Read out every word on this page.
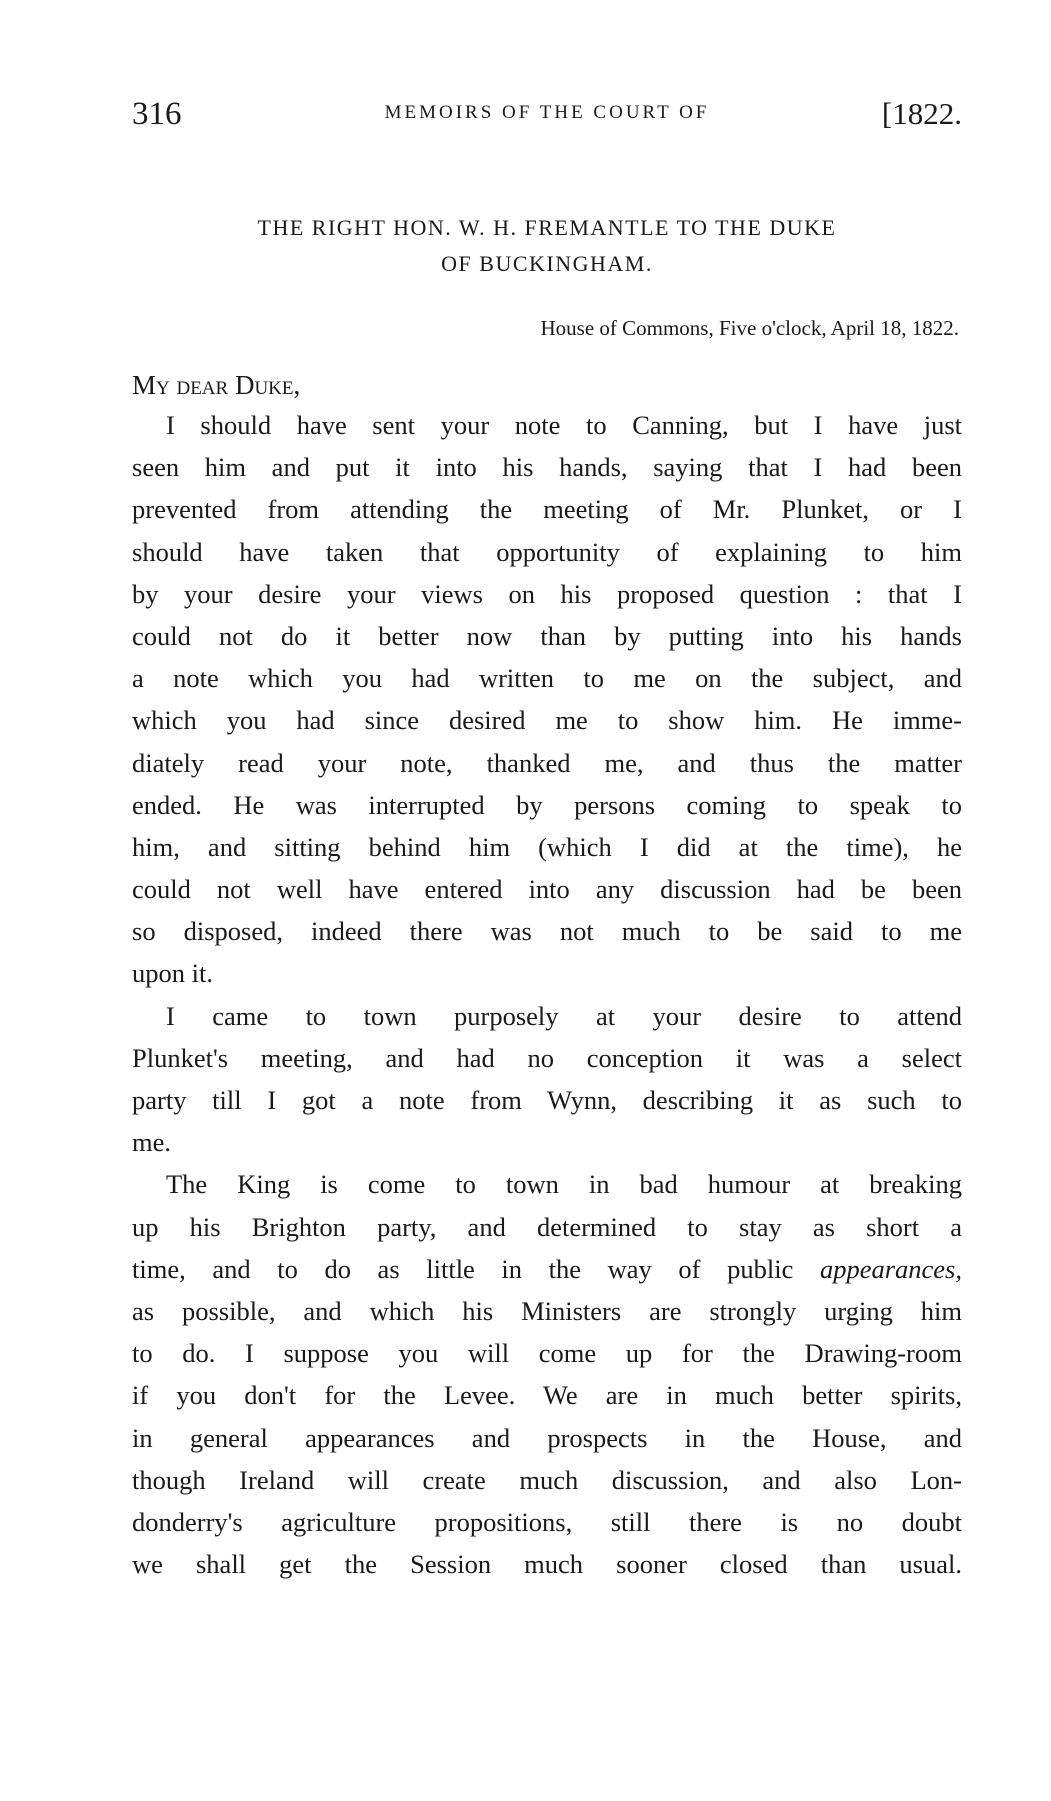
316	MEMOIRS OF THE COURT OF	[1822.
THE RIGHT HON. W. H. FREMANTLE TO THE DUKE
OF BUCKINGHAM.
House of Commons, Five o'clock, April 18, 1822.
My dear Duke,
I should have sent your note to Canning, but I have just
seen him and put it into his hands, saying that I had been
prevented from attending the meeting of Mr. Plunket, or I
should have taken that opportunity of explaining to him
by your desire your views on his proposed question : that I
could not do it better now than by putting into his hands
a note which you had written to me on the subject, and
which you had since desired me to show him. He imme-
diately read your note, thanked me, and thus the matter
ended. He was interrupted by persons coming to speak to
him, and sitting behind him (which I did at the time), he
could not well have entered into any discussion had be been
so disposed, indeed there was not much to be said to me
upon it.
I came to town purposely at your desire to attend
Plunket's meeting, and had no conception it was a select
party till I got a note from Wynn, describing it as such to
me.
The King is come to town in bad humour at breaking
up his Brighton party, and determined to stay as short a
time, and to do as little in the way of public appearances,
as possible, and which his Ministers are strongly urging him
to do. I suppose you will come up for the Drawing-room
if you don't for the Levee. We are in much better spirits,
in general appearances and prospects in the House, and
though Ireland will create much discussion, and also Lon-
donderry's agriculture propositions, still there is no doubt
we shall get the Session much sooner closed than usual.
